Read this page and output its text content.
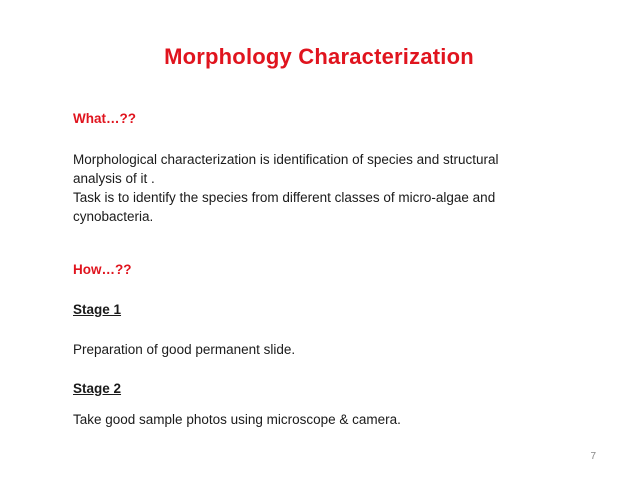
Morphology Characterization
What…??
Morphological characterization is identification of species and structural
analysis of it .
Task is to identify the species from different classes of micro-algae and
cynobacteria.
How…??
Stage 1
Preparation of good permanent slide.
Stage 2
Take good sample photos using microscope & camera.
7
